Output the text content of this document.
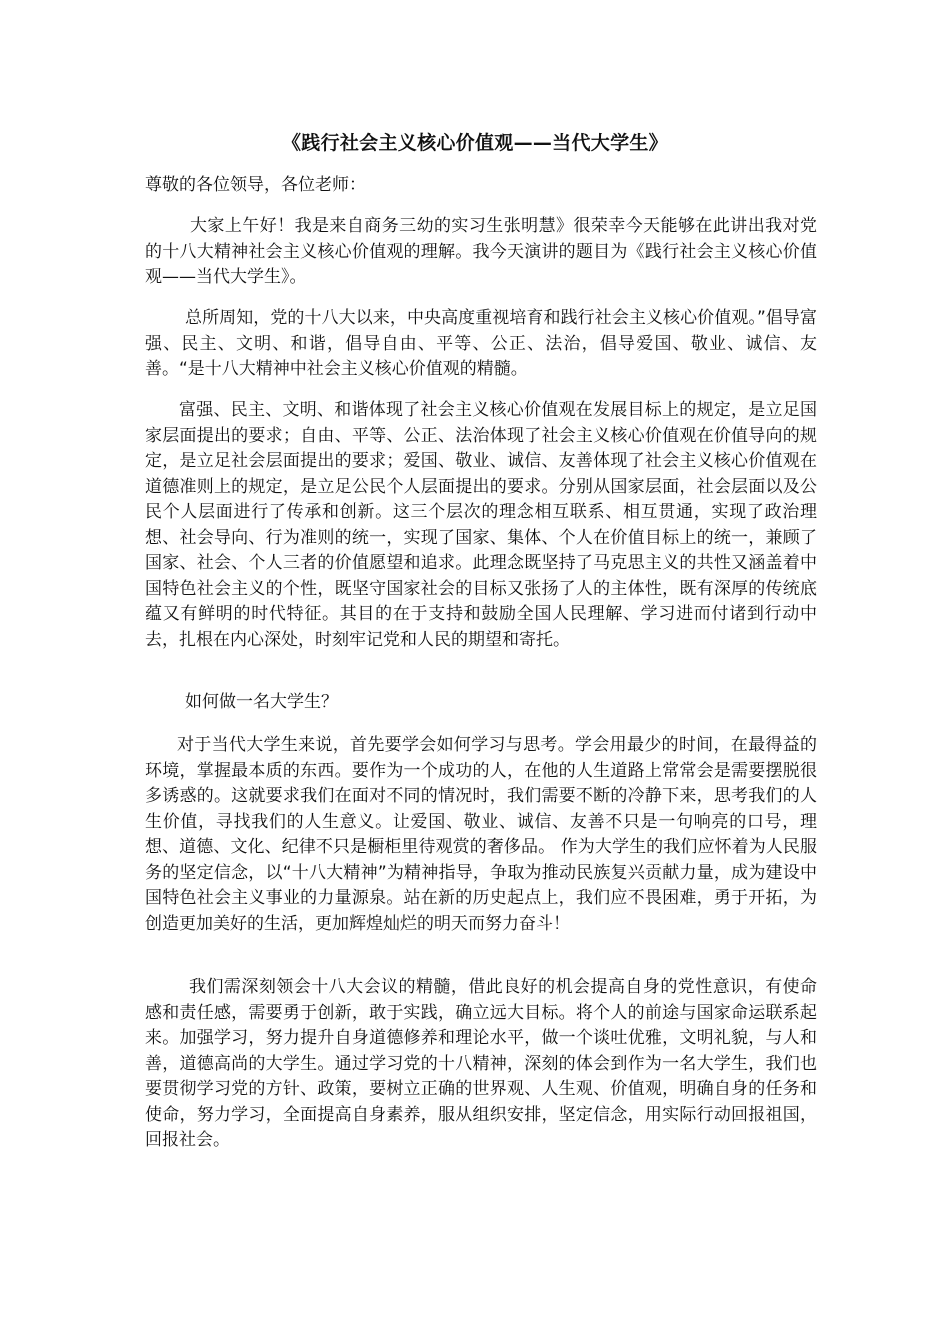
《践行社会主义核心价值观——当代大学生》

尊敬的各位领导，各位老师：

大家上午好！我是来自商务三幼的实习生张明慧》很荣幸今天能够在此讲出我对党的十八大精神社会主义核心价值观的理解。我今天演讲的题目为《践行社会主义核心价值观——当代大学生》。

总所周知，党的十八大以来，中央高度重视培育和践行社会主义核心价值观。”倡导富强、民主、文明、和谐，倡导自由、平等、公正、法治，倡导爱国、敬业、诚信、友善。“是十八大精神中社会主义核心价值观的精髓。

富强、民主、文明、和谐体现了社会主义核心价值观在发展目标上的规定，是立足国家层面提出的要求；自由、平等、公正、法治体现了社会主义核心价值观在价值导向的规定，是立足社会层面提出的要求；爱国、敬业、诚信、友善体现了社会主义核心价值观在道德准则上的规定，是立足公民个人层面提出的要求。分别从国家层面，社会层面以及公民个人层面进行了传承和创新。这三个层次的理念相互联系、相互贯通，实现了政治理想、社会导向、行为准则的统一，实现了国家、集体、个人在价值目标上的统一，兼顾了国家、社会、个人三者的价值愿望和追求。此理念既坚持了马克思主义的共性又涵盖着中国特色社会主义的个性，既坚守国家社会的目标又张扬了人的主体性，既有深厚的传统底蕴又有鲜明的时代特征。其目的在于支持和鼓励全国人民理解、学习进而付诸到行动中去，扎根在内心深处，时刻牢记党和人民的期望和寄托。

如何做一名大学生？

对于当代大学生来说，首先要学会如何学习与思考。学会用最少的时间，在最得益的环境，掌握最本质的东西。要作为一个成功的人，在他的人生道路上常常会是需要摆脱很多诱惑的。这就要求我们在面对不同的情况时，我们需要不断的冷静下来，思考我们的人生价值，寻找我们的人生意义。让爱国、敬业、诚信、友善不只是一句响亮的口号，理想、道德、文化、纪律不只是橱柜里待观赏的奢侈品。 作为大学生的我们应怀着为人民服务的坚定信念，以“十八大精神”为精神指导，争取为推动民族复兴贡献力量，成为建设中国特色社会主义事业的力量源泉。站在新的历史起点上，我们应不畏困难，勇于开拓，为创造更加美好的生活，更加辉煌灿烂的明天而努力奋斗！

我们需深刻领会十八大会议的精髓，借此良好的机会提高自身的党性意识，有使命感和责任感，需要勇于创新，敢于实践，确立远大目标。将个人的前途与国家命运联系起来。加强学习，努力提升自身道德修养和理论水平，做一个谈吐优雅，文明礼貌，与人和善，道德高尚的大学生。通过学习党的十八精神，深刻的体会到作为一名大学生，我们也要贯彻学习党的方针、政策，要树立正确的世界观、人生观、价值观，明确自身的任务和使命，努力学习，全面提高自身素养，服从组织安排，坚定信念，用实际行动回报祖国，回报社会。
